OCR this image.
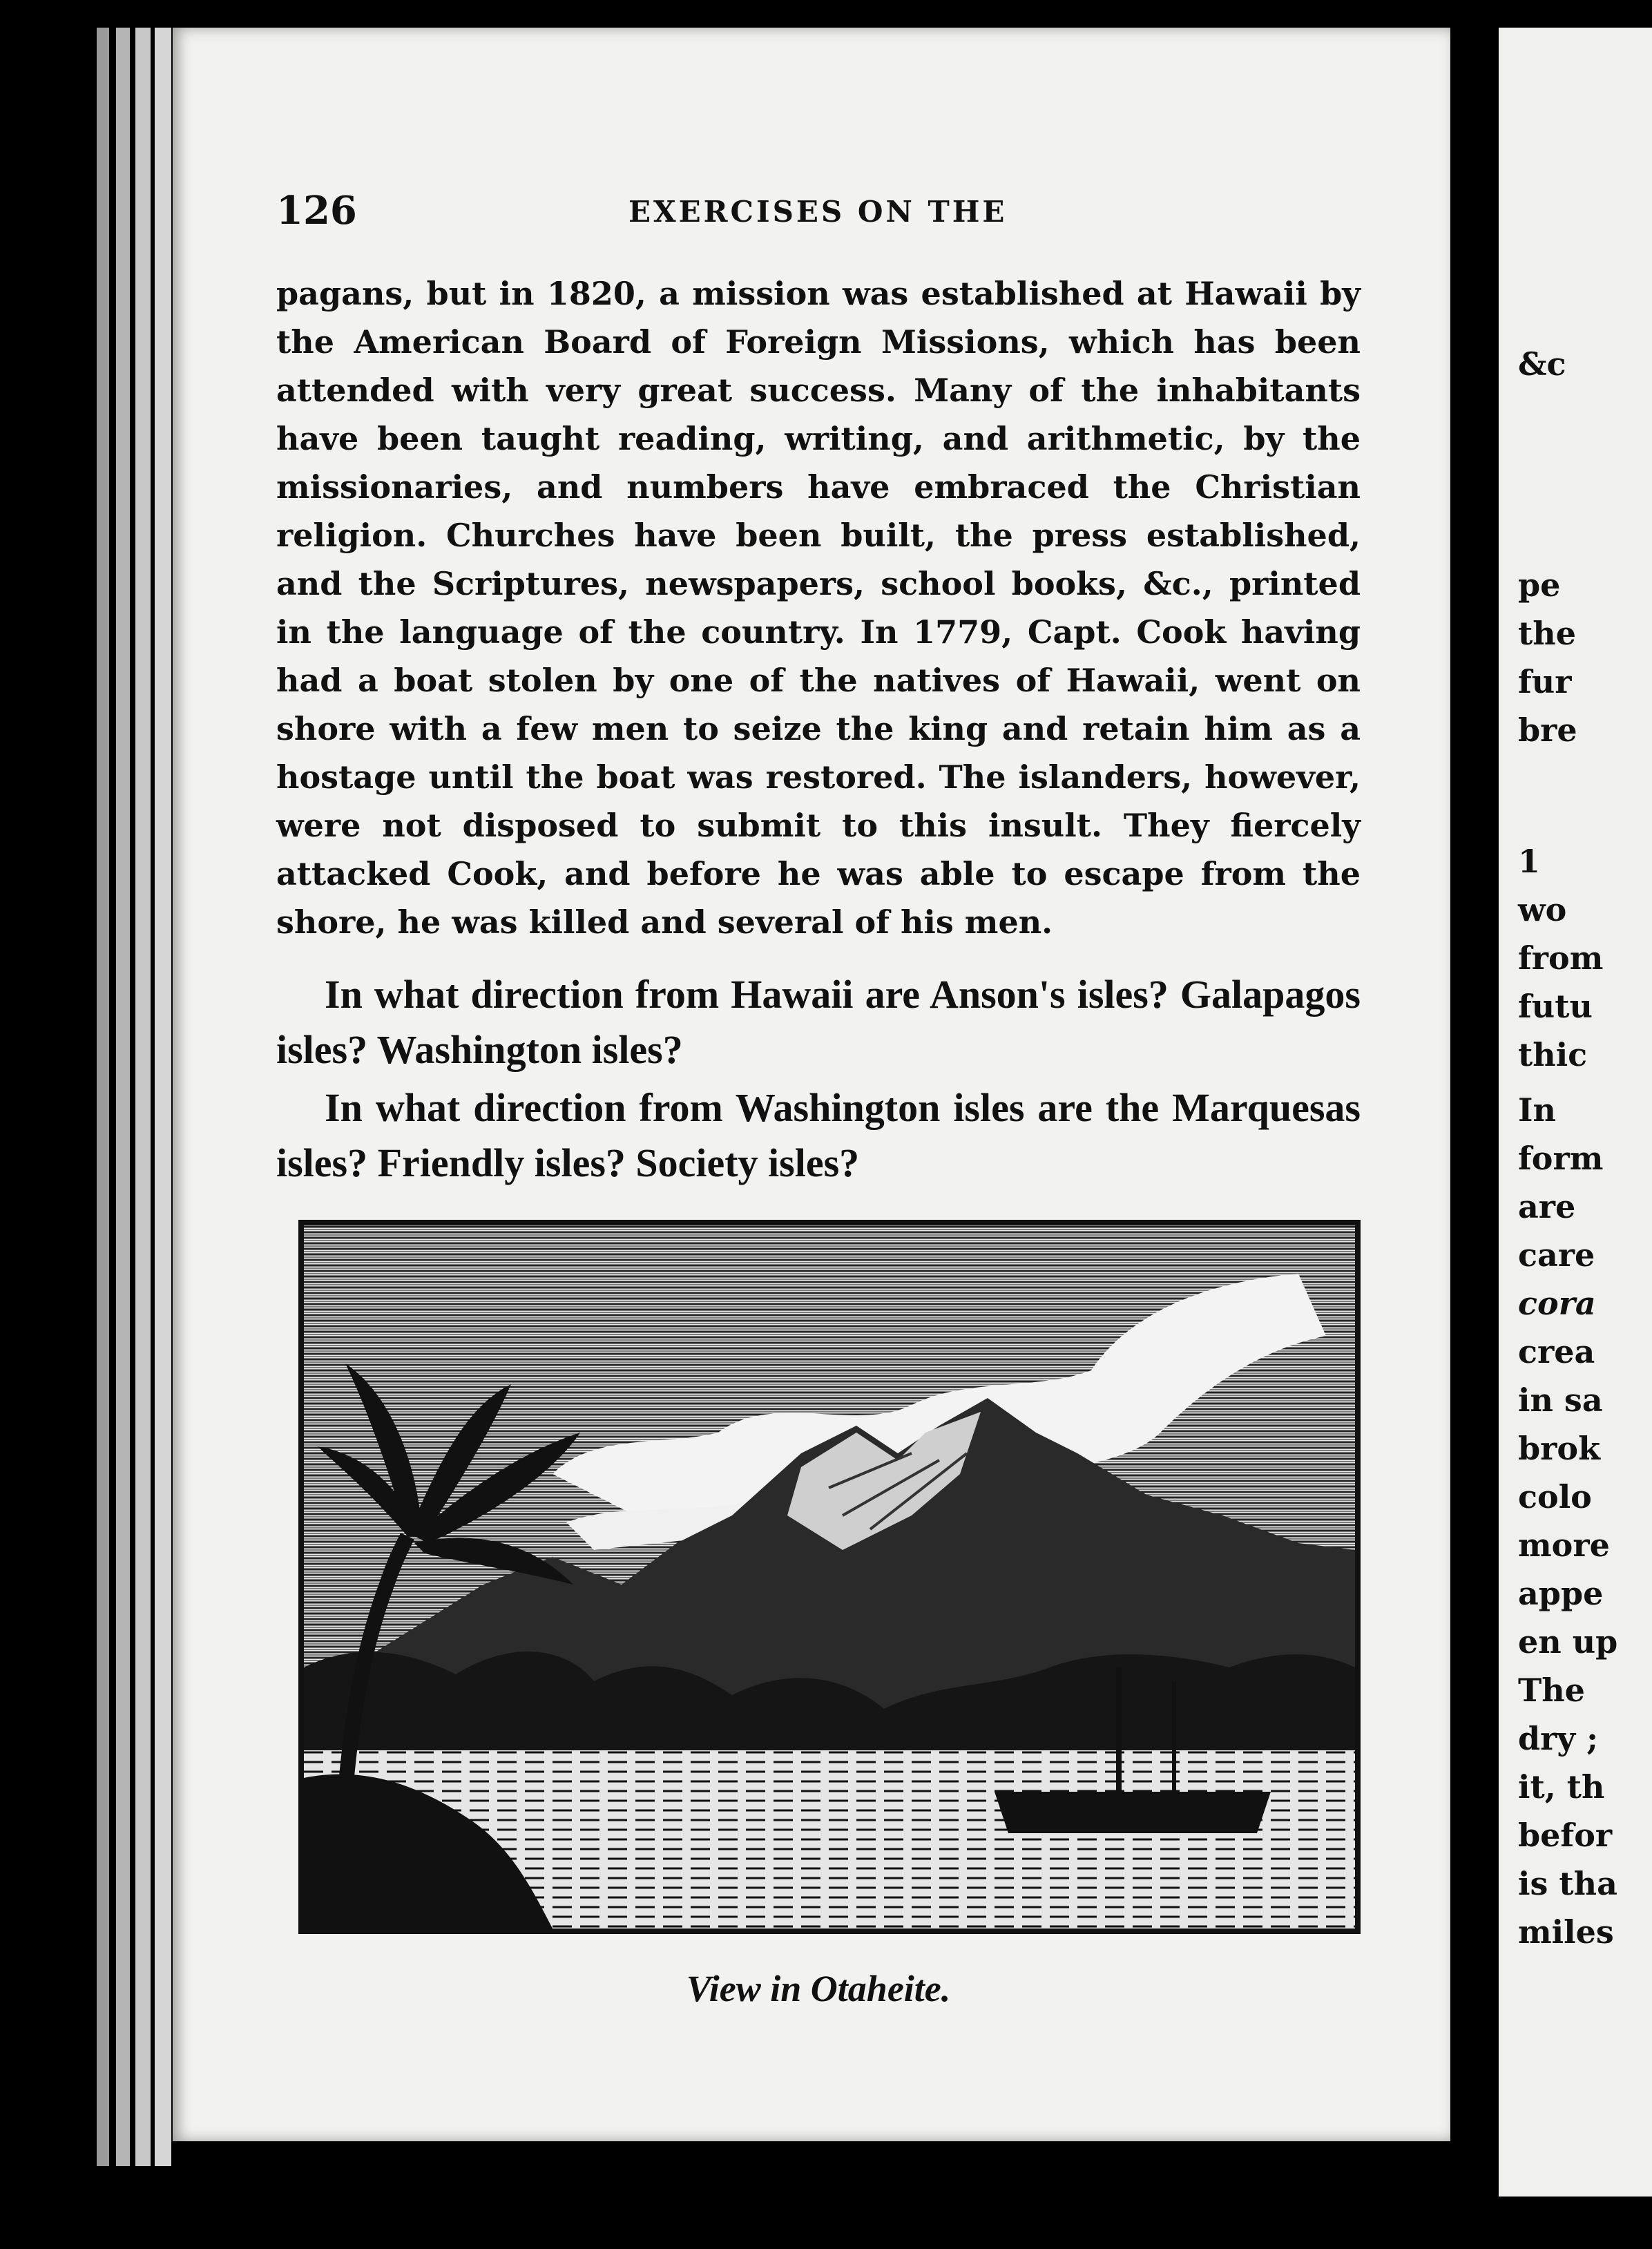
126	EXERCISES ON THE
pagans, but in 1820, a mission was established at Hawaii by the American Board of Foreign Missions, which has been attended with very great success. Many of the inhabitants have been taught reading, writing, and arithmetic, by the missionaries, and numbers have embraced the Christian religion. Churches have been built, the press established, and the Scriptures, newspapers, school books, &c., printed in the language of the country. In 1779, Capt. Cook having had a boat stolen by one of the natives of Hawaii, went on shore with a few men to seize the king and retain him as a hostage until the boat was restored. The islanders, however, were not disposed to submit to this insult. They fiercely attacked Cook, and before he was able to escape from the shore, he was killed and several of his men.

In what direction from Hawaii are Anson's isles? Galapagos isles? Washington isles?

In what direction from Washington isles are the Marquesas isles? Friendly isles? Society isles?

View in Otaheite.
&c
pe
the
fur
bre
1
wo
from
futu
thic
In
form
are
care
cora
crea
in sa
brok
colo
more
appe
en up
The
dry ;
it, th
befor
is tha
miles
